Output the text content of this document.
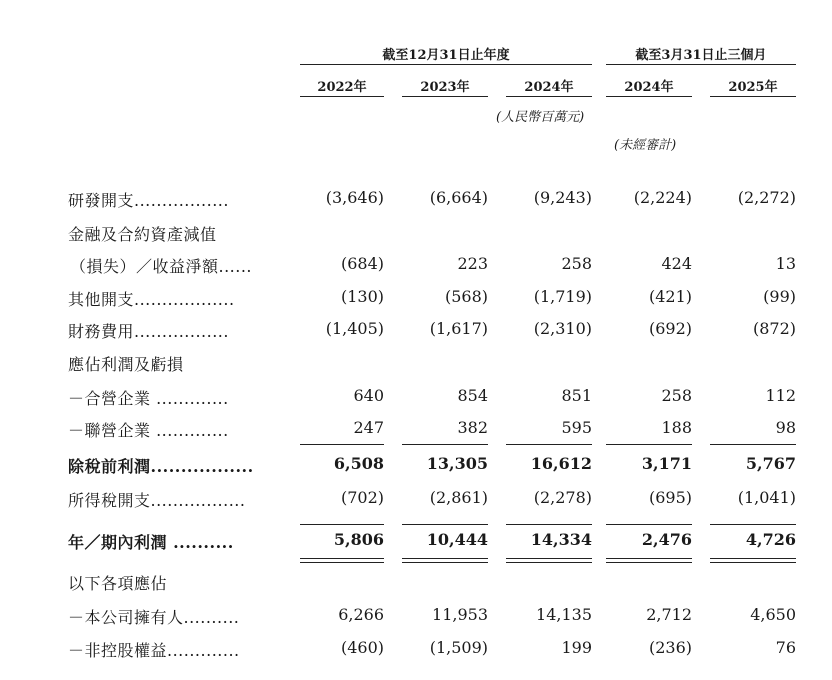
截至12月31日止年度	截至3月31日止三個月
2022年	2023年	2024年	2024年	2025年
(人民幣百萬元)
(未經審計)
研發開支.................	(3,646)	(6,664)	(9,243)	(2,224)	(2,272)
金融及合約資產減值
（損失）／收益淨額......	(684)	223	258	424	13
其他開支..................	(130)	(568)	(1,719)	(421)	(99)
財務費用.................	(1,405)	(1,617)	(2,310)	(692)	(872)
應佔利潤及虧損
－合營企業 .............	640	854	851	258	112
－聯營企業 .............	247	382	595	188	98
除稅前利潤.................	6,508	13,305	16,612	3,171	5,767
所得稅開支.................	(702)	(2,861)	(2,278)	(695)	(1,041)
年／期內利潤 ..........	5,806	10,444	14,334	2,476	4,726
以下各項應佔
－本公司擁有人..........	6,266	11,953	14,135	2,712	4,650
－非控股權益.............	(460)	(1,509)	199	(236)	76
